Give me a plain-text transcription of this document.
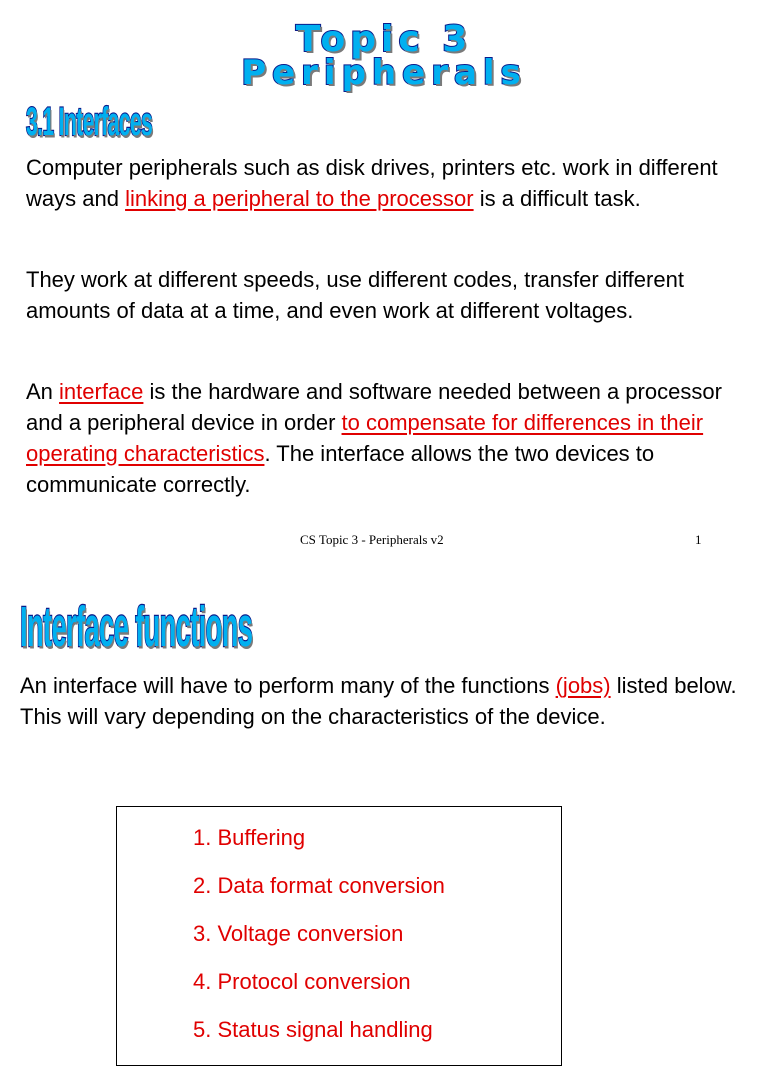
Topic 3
Peripherals
3.1 Interfaces

Computer peripherals such as disk drives, printers etc. work in different ways and linking a peripheral to the processor is a difficult task.

They work at different speeds, use different codes, transfer different amounts of data at a time, and even work at different voltages.

An interface is the hardware and software needed between a processor and a peripheral device in order to compensate for differences in their operating characteristics. The interface allows the two devices to communicate correctly.

CS Topic 3 - Peripherals v2	1

Interface functions

An interface will have to perform many of the functions (jobs) listed below. This will vary depending on the characteristics of the device.

1. Buffering
2. Data format conversion
3. Voltage conversion
4. Protocol conversion
5. Status signal handling
